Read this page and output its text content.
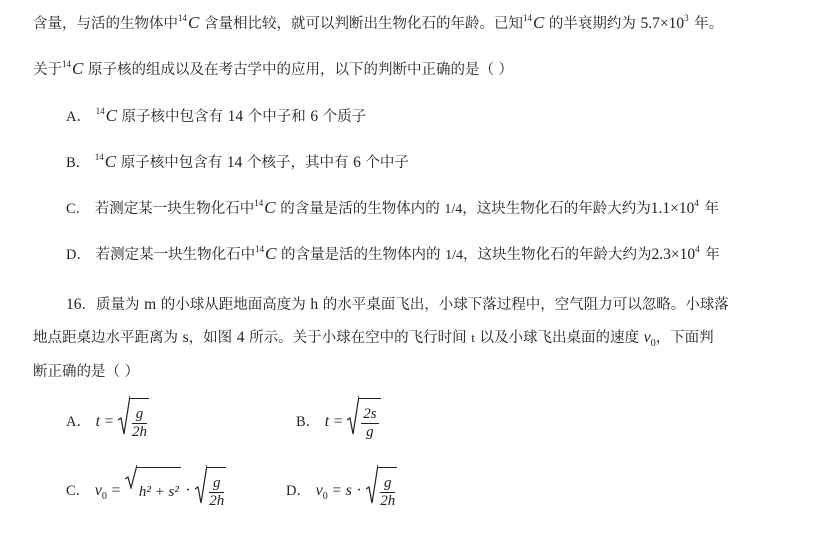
含量，与活的生物体中$^{14}$C 含量相比较，就可以判断出生物化石的年龄。已知$^{14}$C 的半衰期约为 $5.7\times 10^3$ 年。
关于$^{14}$C 原子核的组成以及在考古学中的应用，以下的判断中正确的是（ ）
A． $^{14}$C 原子核中包含有 14 个中子和 6 个质子
B． $^{14}$C 原子核中包含有 14 个核子，其中有 6 个中子
C． 若测定某一块生物化石中$^{14}$C 的含量是活的生物体内的 1/4，这块生物化石的年龄大约为$1.1\times 10^4$ 年
D． 若测定某一块生物化石中$^{14}$C 的含量是活的生物体内的 1/4，这块生物化石的年龄大约为$2.3\times 10^4$ 年
16．质量为 m 的小球从距地面高度为 h 的水平桌面飞出，小球下落过程中，空气阻力可以忽略。小球落
地点距桌边水平距离为 s，如图 4 所示。关于小球在空中的飞行时间 t 以及小球飞出桌面的速度 $v_0$，下面判
断正确的是（ ）
A． $t = \frac{g}{2h}$	B． $t = \frac{2s}{g}$
C． $v_0 = h^2 + s^2 \cdot \frac{g}{2h}$	D． $v_0 = s \cdot \frac{g}{2h}$
